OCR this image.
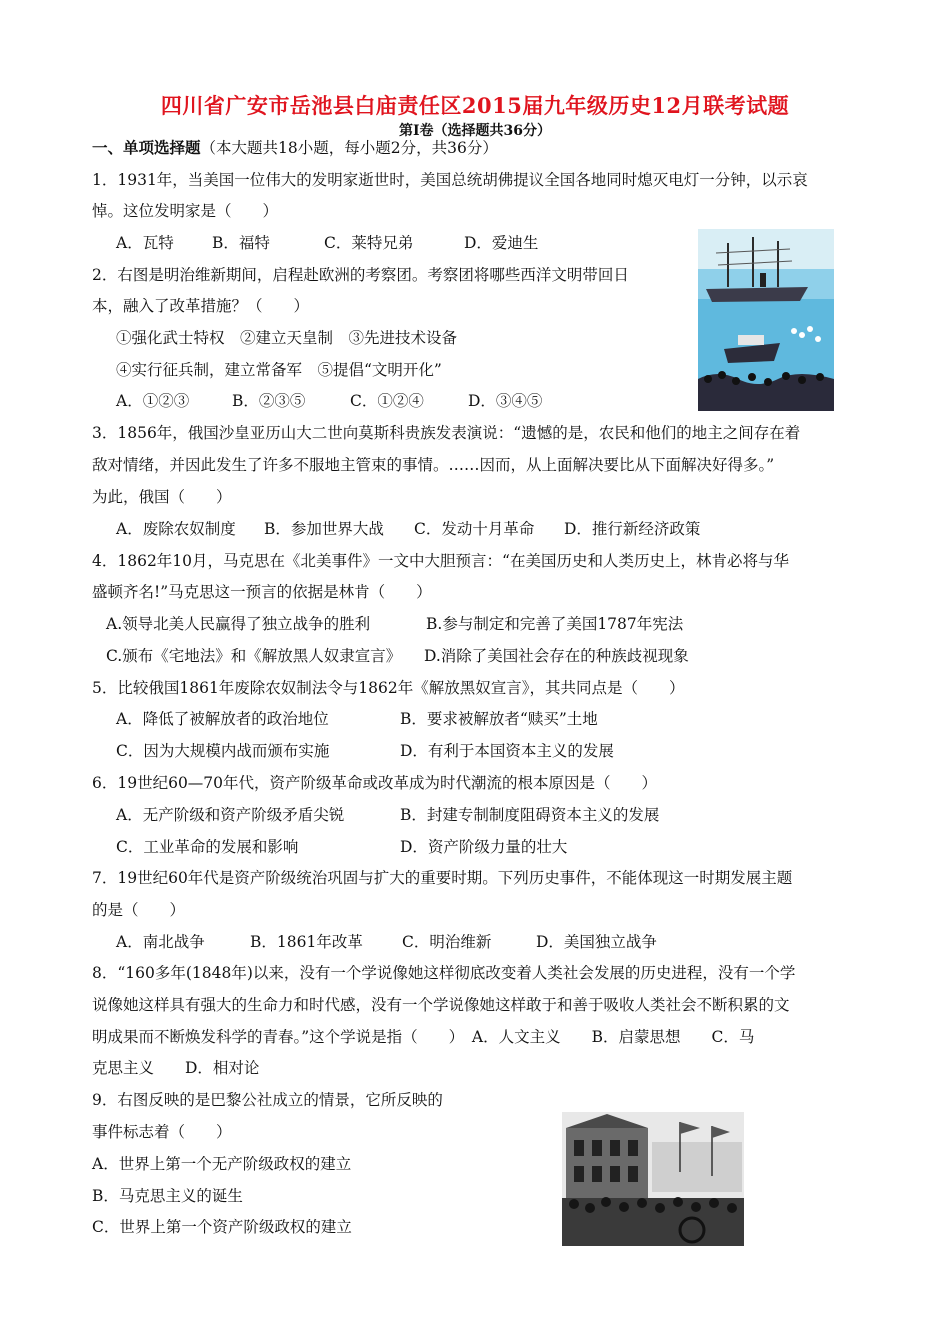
四川省广安市岳池县白庙责任区2015届九年级历史12月联考试题
第Ⅰ卷（选择题共36分）
一、单项选择题（本大题共18小题，每小题2分，共36分）
1．1931年，当美国一位伟大的发明家逝世时，美国总统胡佛提议全国各地同时熄灭电灯一分钟，以示哀
悼。这位发明家是（　　）
A．瓦特 B．福特	C．莱特兄弟	D．爱迪生
2．右图是明治维新期间，启程赴欧洲的考察团。考察团将哪些西洋文明带回日
本，融入了改革措施？（　　）
①强化武士特权　②建立天皇制　③先进技术设备
④实行征兵制，建立常备军　⑤提倡“文明开化”
A．①②③	B．②③⑤	C．①②④	D．③④⑤
3．1856年，俄国沙皇亚历山大二世向莫斯科贵族发表演说：“遗憾的是，农民和他们的地主之间存在着
敌对情绪，并因此发生了许多不服地主管束的事情。……因而，从上面解决要比从下面解决好得多。”
为此，俄国（　　）
A．废除农奴制度 B．参加世界大战 C．发动十月革命 D．推行新经济政策
4．1862年10月，马克思在《北美事件》一文中大胆预言：“在美国历史和人类历史上，林肯必将与华
盛顿齐名!”马克思这一预言的依据是林肯（　　）
A.领导北美人民赢得了独立战争的胜利	B.参与制定和完善了美国1787年宪法
C.颁布《宅地法》和《解放黑人奴隶宣言》 D.消除了美国社会存在的种族歧视现象
5．比较俄国1861年废除农奴制法令与1862年《解放黑奴宣言》，其共同点是（　　）
A．降低了被解放者的政治地位	B．要求被解放者“赎买”土地
C．因为大规模内战而颁布实施	D．有利于本国资本主义的发展
6．19世纪60—70年代，资产阶级革命或改革成为时代潮流的根本原因是（　　）
A．无产阶级和资产阶级矛盾尖锐	B．封建专制制度阻碍资本主义的发展
C．工业革命的发展和影响	D．资产阶级力量的壮大
7．19世纪60年代是资产阶级统治巩固与扩大的重要时期。下列历史事件，不能体现这一时期发展主题
的是（　　）
A．南北战争	B．1861年改革	C．明治维新	D．美国独立战争
8．“160多年(1848年)以来，没有一个学说像她这样彻底改变着人类社会发展的历史进程，没有一个学
说像她这样具有强大的生命力和时代感，没有一个学说像她这样敢于和善于吸收人类社会不断积累的文
明成果而不断焕发科学的青春。”这个学说是指（　　）　A．人文主义　　B．启蒙思想　　C．马
克思主义　　D．相对论
9．右图反映的是巴黎公社成立的情景，它所反映的
事件标志着（　　）
A．世界上第一个无产阶级政权的建立
B．马克思主义的诞生
C．世界上第一个资产阶级政权的建立
